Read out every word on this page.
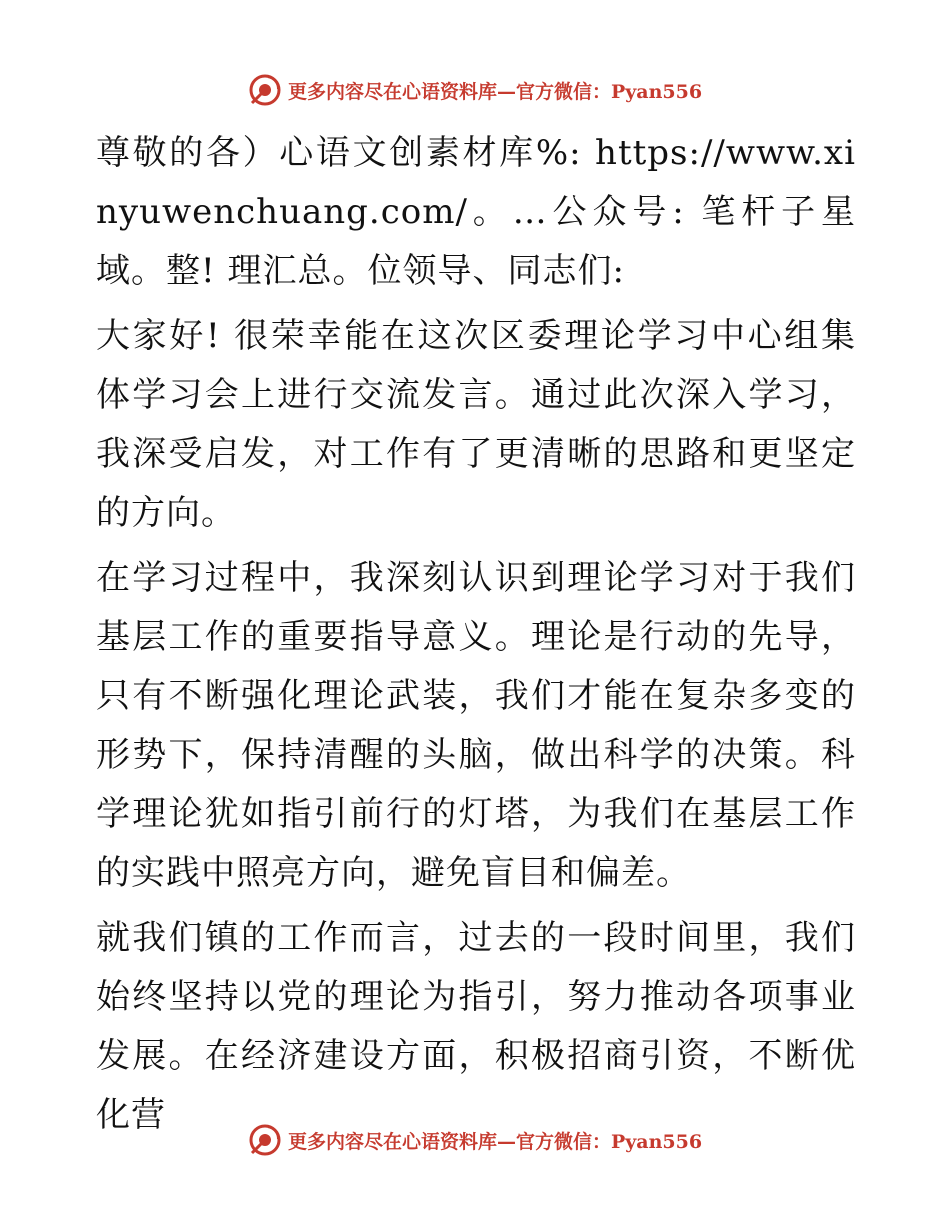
更多内容尽在心语资料库—官方微信：Pyan556

尊敬的各）心语文创素材库%: https://www.xinyuwenchuang.com/。…公众号: 笔杆子星域。整! 理汇总。位领导、同志们:

大家好! 很荣幸能在这次区委理论学习中心组集体学习会上进行交流发言。通过此次深入学习，我深受启发，对工作有了更清晰的思路和更坚定的方向。

在学习过程中，我深刻认识到理论学习对于我们基层工作的重要指导意义。理论是行动的先导，只有不断强化理论武装，我们才能在复杂多变的形势下，保持清醒的头脑，做出科学的决策。科学理论犹如指引前行的灯塔，为我们在基层工作的实践中照亮方向，避免盲目和偏差。

就我们镇的工作而言，过去的一段时间里，我们始终坚持以党的理论为指引，努力推动各项事业发展。在经济建设方面，积极招商引资，不断优化营

更多内容尽在心语资料库—官方微信：Pyan556
